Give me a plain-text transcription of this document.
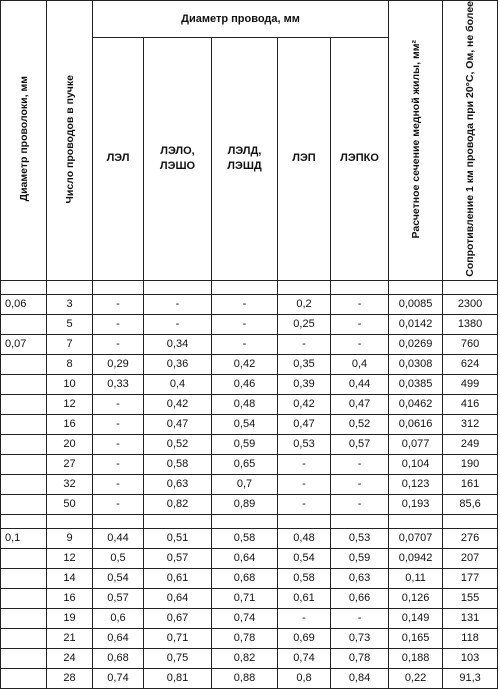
Диаметр проволоки, мм	Число проводов в пучке	Диаметр провода, мм					Расчетное сечение медной жилы, мм²	Сопротивление 1 км провода при 20°С, Ом, не более
		ЛЭЛ	ЛЭЛО, ЛЭШО	ЛЭЛД, ЛЭШД	ЛЭП	ЛЭПКО		

0,06	3	-	-	-	0,2	-	0,0085	2300
	5	-	-	-	0,25	-	0,0142	1380
0,07	7	-	0,34	-	-	-	0,0269	760
	8	0,29	0,36	0,42	0,35	0,4	0,0308	624
	10	0,33	0,4	0,46	0,39	0,44	0,0385	499
	12	-	0,42	0,48	0,42	0,47	0,0462	416
	16	-	0,47	0,54	0,47	0,52	0,0616	312
	20	-	0,52	0,59	0,53	0,57	0,077	249
	27	-	0,58	0,65	-	-	0,104	190
	32	-	0,63	0,7	-	-	0,123	161
	50	-	0,82	0,89	-	-	0,193	85,6

0,1	9	0,44	0,51	0,58	0,48	0,53	0,0707	276
	12	0,5	0,57	0,64	0,54	0,59	0,0942	207
	14	0,54	0,61	0,68	0,58	0,63	0,11	177
	16	0,57	0,64	0,71	0,61	0,66	0,126	155
	19	0,6	0,67	0,74	-	-	0,149	131
	21	0,64	0,71	0,78	0,69	0,73	0,165	118
	24	0,68	0,75	0,82	0,74	0,78	0,188	103
	28	0,74	0,81	0,88	0,8	0,84	0,22	91,3
